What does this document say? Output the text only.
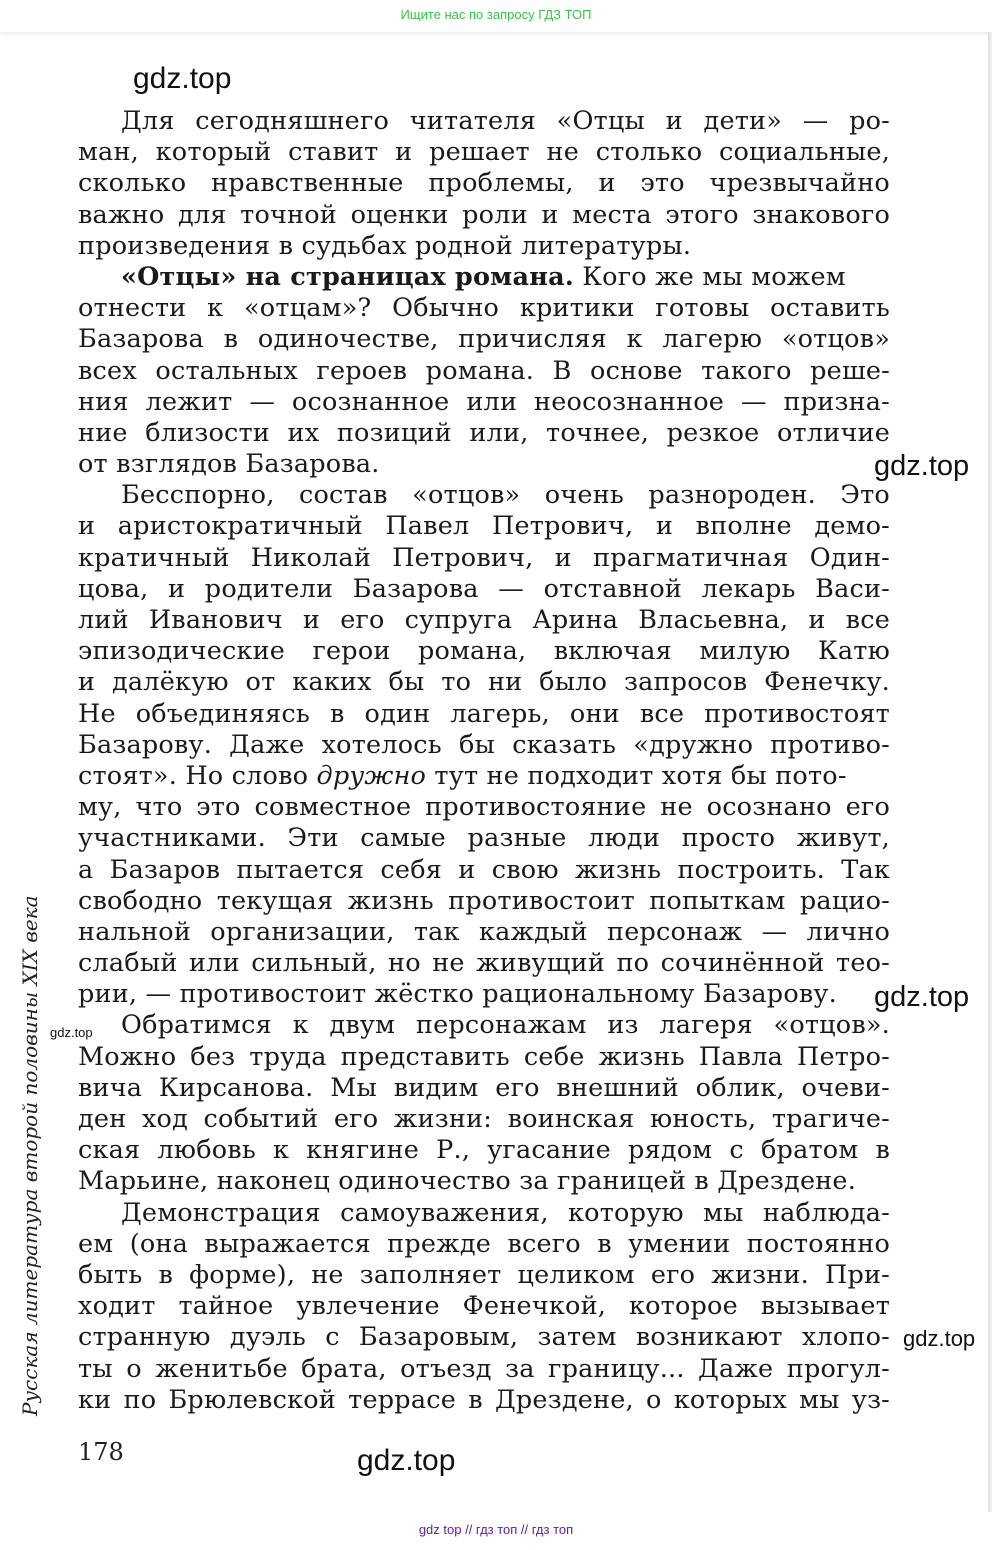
Ищите нас по запросу ГДЗ ТОП
gdz.top
gdz.top
gdz.top
gdz.top
gdz.top
gdz.top
Русская литература второй половины XIX века
Для сегодняшнего читателя «Отцы и дети» — ро-
ман, который ставит и решает не столько социальные,
сколько нравственные проблемы, и это чрезвычайно
важно для точной оценки роли и места этого знакового
произведения в судьбах родной литературы.
«Отцы» на страницах романа. Кого же мы можем
отнести к «отцам»? Обычно критики готовы оставить
Базарова в одиночестве, причисляя к лагерю «отцов»
всех остальных героев романа. В основе такого реше-
ния лежит — осознанное или неосознанное — призна-
ние близости их позиций или, точнее, резкое отличие
от взглядов Базарова.
Бесспорно, состав «отцов» очень разнороден. Это
и аристократичный Павел Петрович, и вполне демо-
кратичный Николай Петрович, и прагматичная Один-
цова, и родители Базарова — отставной лекарь Васи-
лий Иванович и его супруга Арина Власьевна, и все
эпизодические герои романа, включая милую Катю
и далёкую от каких бы то ни было запросов Фенечку.
Не объединяясь в один лагерь, они все противостоят
Базарову. Даже хотелось бы сказать «дружно противо-
стоят». Но слово дружно тут не подходит хотя бы пото-
му, что это совместное противостояние не осознано его
участниками. Эти самые разные люди просто живут,
а Базаров пытается себя и свою жизнь построить. Так
свободно текущая жизнь противостоит попыткам рацио-
нальной организации, так каждый персонаж — лично
слабый или сильный, но не живущий по сочинённой тео-
рии, — противостоит жёстко рациональному Базарову.
Обратимся к двум персонажам из лагеря «отцов».
Можно без труда представить себе жизнь Павла Петро-
вича Кирсанова. Мы видим его внешний облик, очеви-
ден ход событий его жизни: воинская юность, трагиче-
ская любовь к княгине Р., угасание рядом с братом в
Марьине, наконец одиночество за границей в Дрездене.
Демонстрация самоуважения, которую мы наблюда-
ем (она выражается прежде всего в умении постоянно
быть в форме), не заполняет целиком его жизни. При-
ходит тайное увлечение Фенечкой, которое вызывает
странную дуэль с Базаровым, затем возникают хлопо-
ты о женитьбе брата, отъезд за границу... Даже прогул-
ки по Брюлевской террасе в Дрездене, о которых мы уз-
178
gdz top // гдз топ // гдз топ
